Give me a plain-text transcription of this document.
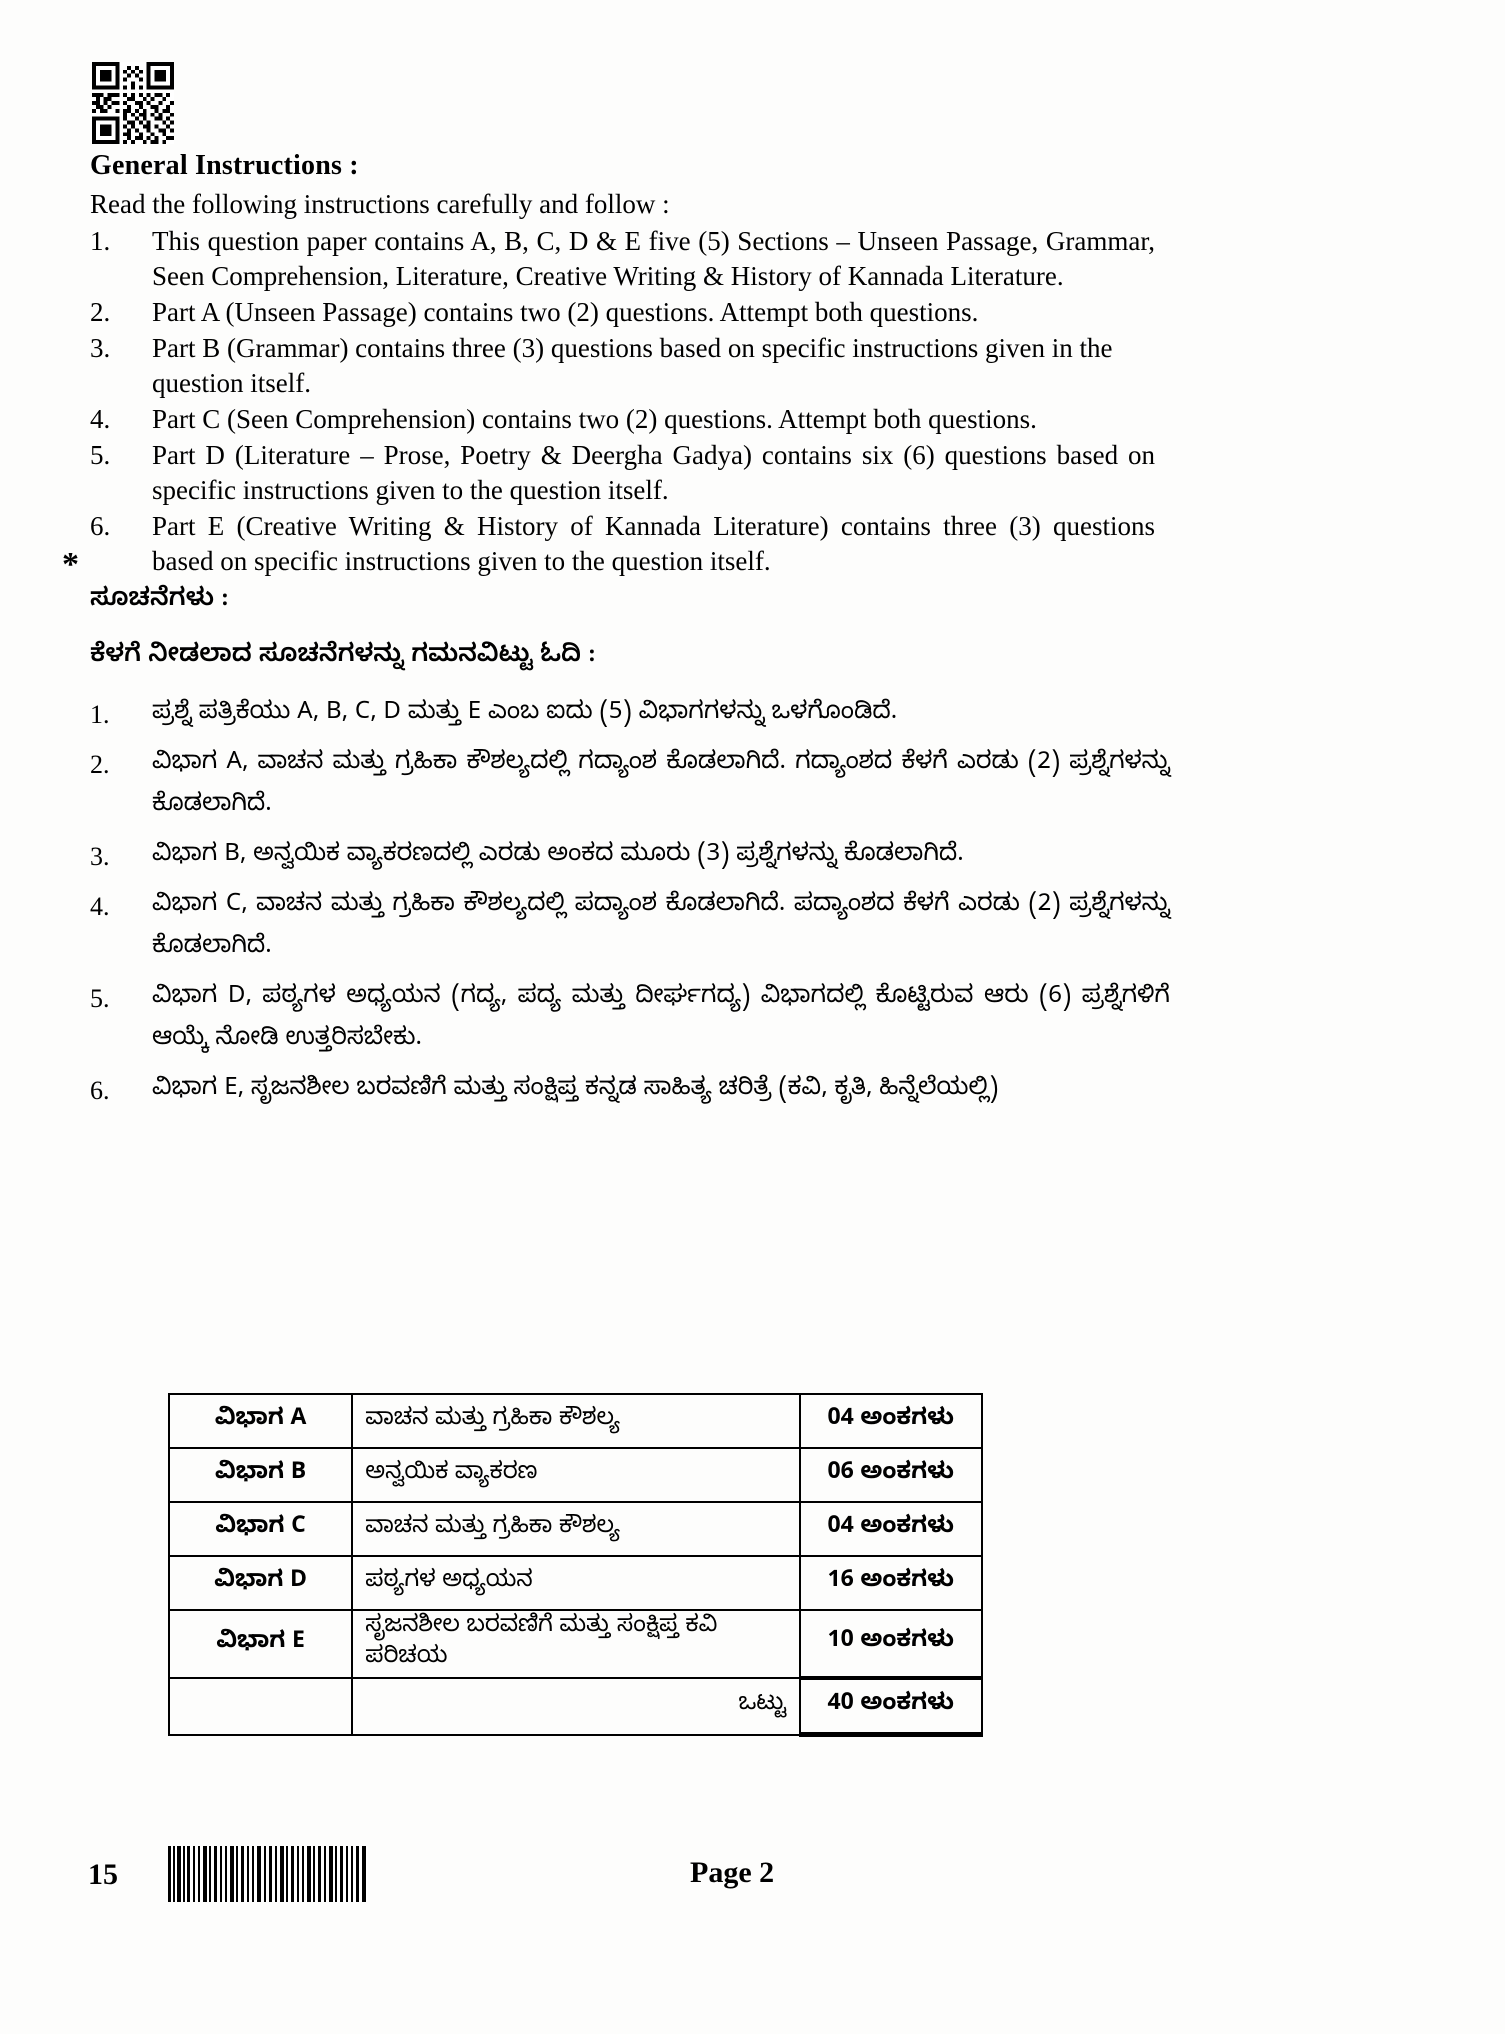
General Instructions :
Read the following instructions carefully and follow :
1.	This question paper contains A, B, C, D & E five (5) Sections – Unseen Passage, Grammar, Seen Comprehension, Literature, Creative Writing & History of Kannada Literature.
2.	Part A (Unseen Passage) contains two (2) questions. Attempt both questions.
3.	Part B (Grammar) contains three (3) questions based on specific instructions given in the question itself.
4.	Part C (Seen Comprehension) contains two (2) questions. Attempt both questions.
5.	Part D (Literature – Prose, Poetry & Deergha Gadya) contains six (6) questions based on specific instructions given to the question itself.
6.	Part E (Creative Writing & History of Kannada Literature) contains three (3) questions based on specific instructions given to the question itself.
*
ಸೂಚನೆಗಳು :
ಕೆಳಗೆ ನೀಡಲಾದ ಸೂಚನೆಗಳನ್ನು ಗಮನವಿಟ್ಟು ಓದಿ :
1.	ಪ್ರಶ್ನೆ ಪತ್ರಿಕೆಯು A, B, C, D ಮತ್ತು E ಎಂಬ ಐದು (5) ವಿಭಾಗಗಳನ್ನು ಒಳಗೊಂಡಿದೆ.
2.	ವಿಭಾಗ A, ವಾಚನ ಮತ್ತು ಗ್ರಹಿಕಾ ಕೌಶಲ್ಯದಲ್ಲಿ ಗದ್ಯಾಂಶ ಕೊಡಲಾಗಿದೆ. ಗದ್ಯಾಂಶದ ಕೆಳಗೆ ಎರಡು (2) ಪ್ರಶ್ನೆಗಳನ್ನು ಕೊಡಲಾಗಿದೆ.
3.	ವಿಭಾಗ B, ಅನ್ವಯಿಕ ವ್ಯಾಕರಣದಲ್ಲಿ ಎರಡು ಅಂಕದ ಮೂರು (3) ಪ್ರಶ್ನೆಗಳನ್ನು ಕೊಡಲಾಗಿದೆ.
4.	ವಿಭಾಗ C, ವಾಚನ ಮತ್ತು ಗ್ರಹಿಕಾ ಕೌಶಲ್ಯದಲ್ಲಿ ಪದ್ಯಾಂಶ ಕೊಡಲಾಗಿದೆ. ಪದ್ಯಾಂಶದ ಕೆಳಗೆ ಎರಡು (2) ಪ್ರಶ್ನೆಗಳನ್ನು ಕೊಡಲಾಗಿದೆ.
5.	ವಿಭಾಗ D, ಪಠ್ಯಗಳ ಅಧ್ಯಯನ (ಗದ್ಯ, ಪದ್ಯ ಮತ್ತು ದೀರ್ಘಗದ್ಯ) ವಿಭಾಗದಲ್ಲಿ ಕೊಟ್ಟಿರುವ ಆರು (6) ಪ್ರಶ್ನೆಗಳಿಗೆ ಆಯ್ಕೆ ನೋಡಿ ಉತ್ತರಿಸಬೇಕು.
6.	ವಿಭಾಗ E, ಸೃಜನಶೀಲ ಬರವಣಿಗೆ ಮತ್ತು ಸಂಕ್ಷಿಪ್ತ ಕನ್ನಡ ಸಾಹಿತ್ಯ ಚರಿತ್ರೆ (ಕವಿ, ಕೃತಿ, ಹಿನ್ನೆಲೆಯಲ್ಲಿ)
ವಿಭಾಗ A	ವಾಚನ ಮತ್ತು ಗ್ರಹಿಕಾ ಕೌಶಲ್ಯ	04 ಅಂಕಗಳು
ವಿಭಾಗ B	ಅನ್ವಯಿಕ ವ್ಯಾಕರಣ	06 ಅಂಕಗಳು
ವಿಭಾಗ C	ವಾಚನ ಮತ್ತು ಗ್ರಹಿಕಾ ಕೌಶಲ್ಯ	04 ಅಂಕಗಳು
ವಿಭಾಗ D	ಪಠ್ಯಗಳ ಅಧ್ಯಯನ	16 ಅಂಕಗಳು
ವಿಭಾಗ E	ಸೃಜನಶೀಲ ಬರವಣಿಗೆ ಮತ್ತು ಸಂಕ್ಷಿಪ್ತ ಕವಿ ಪರಿಚಯ	10 ಅಂಕಗಳು
	ಒಟ್ಟು	40 ಅಂಕಗಳು
15	Page 2
